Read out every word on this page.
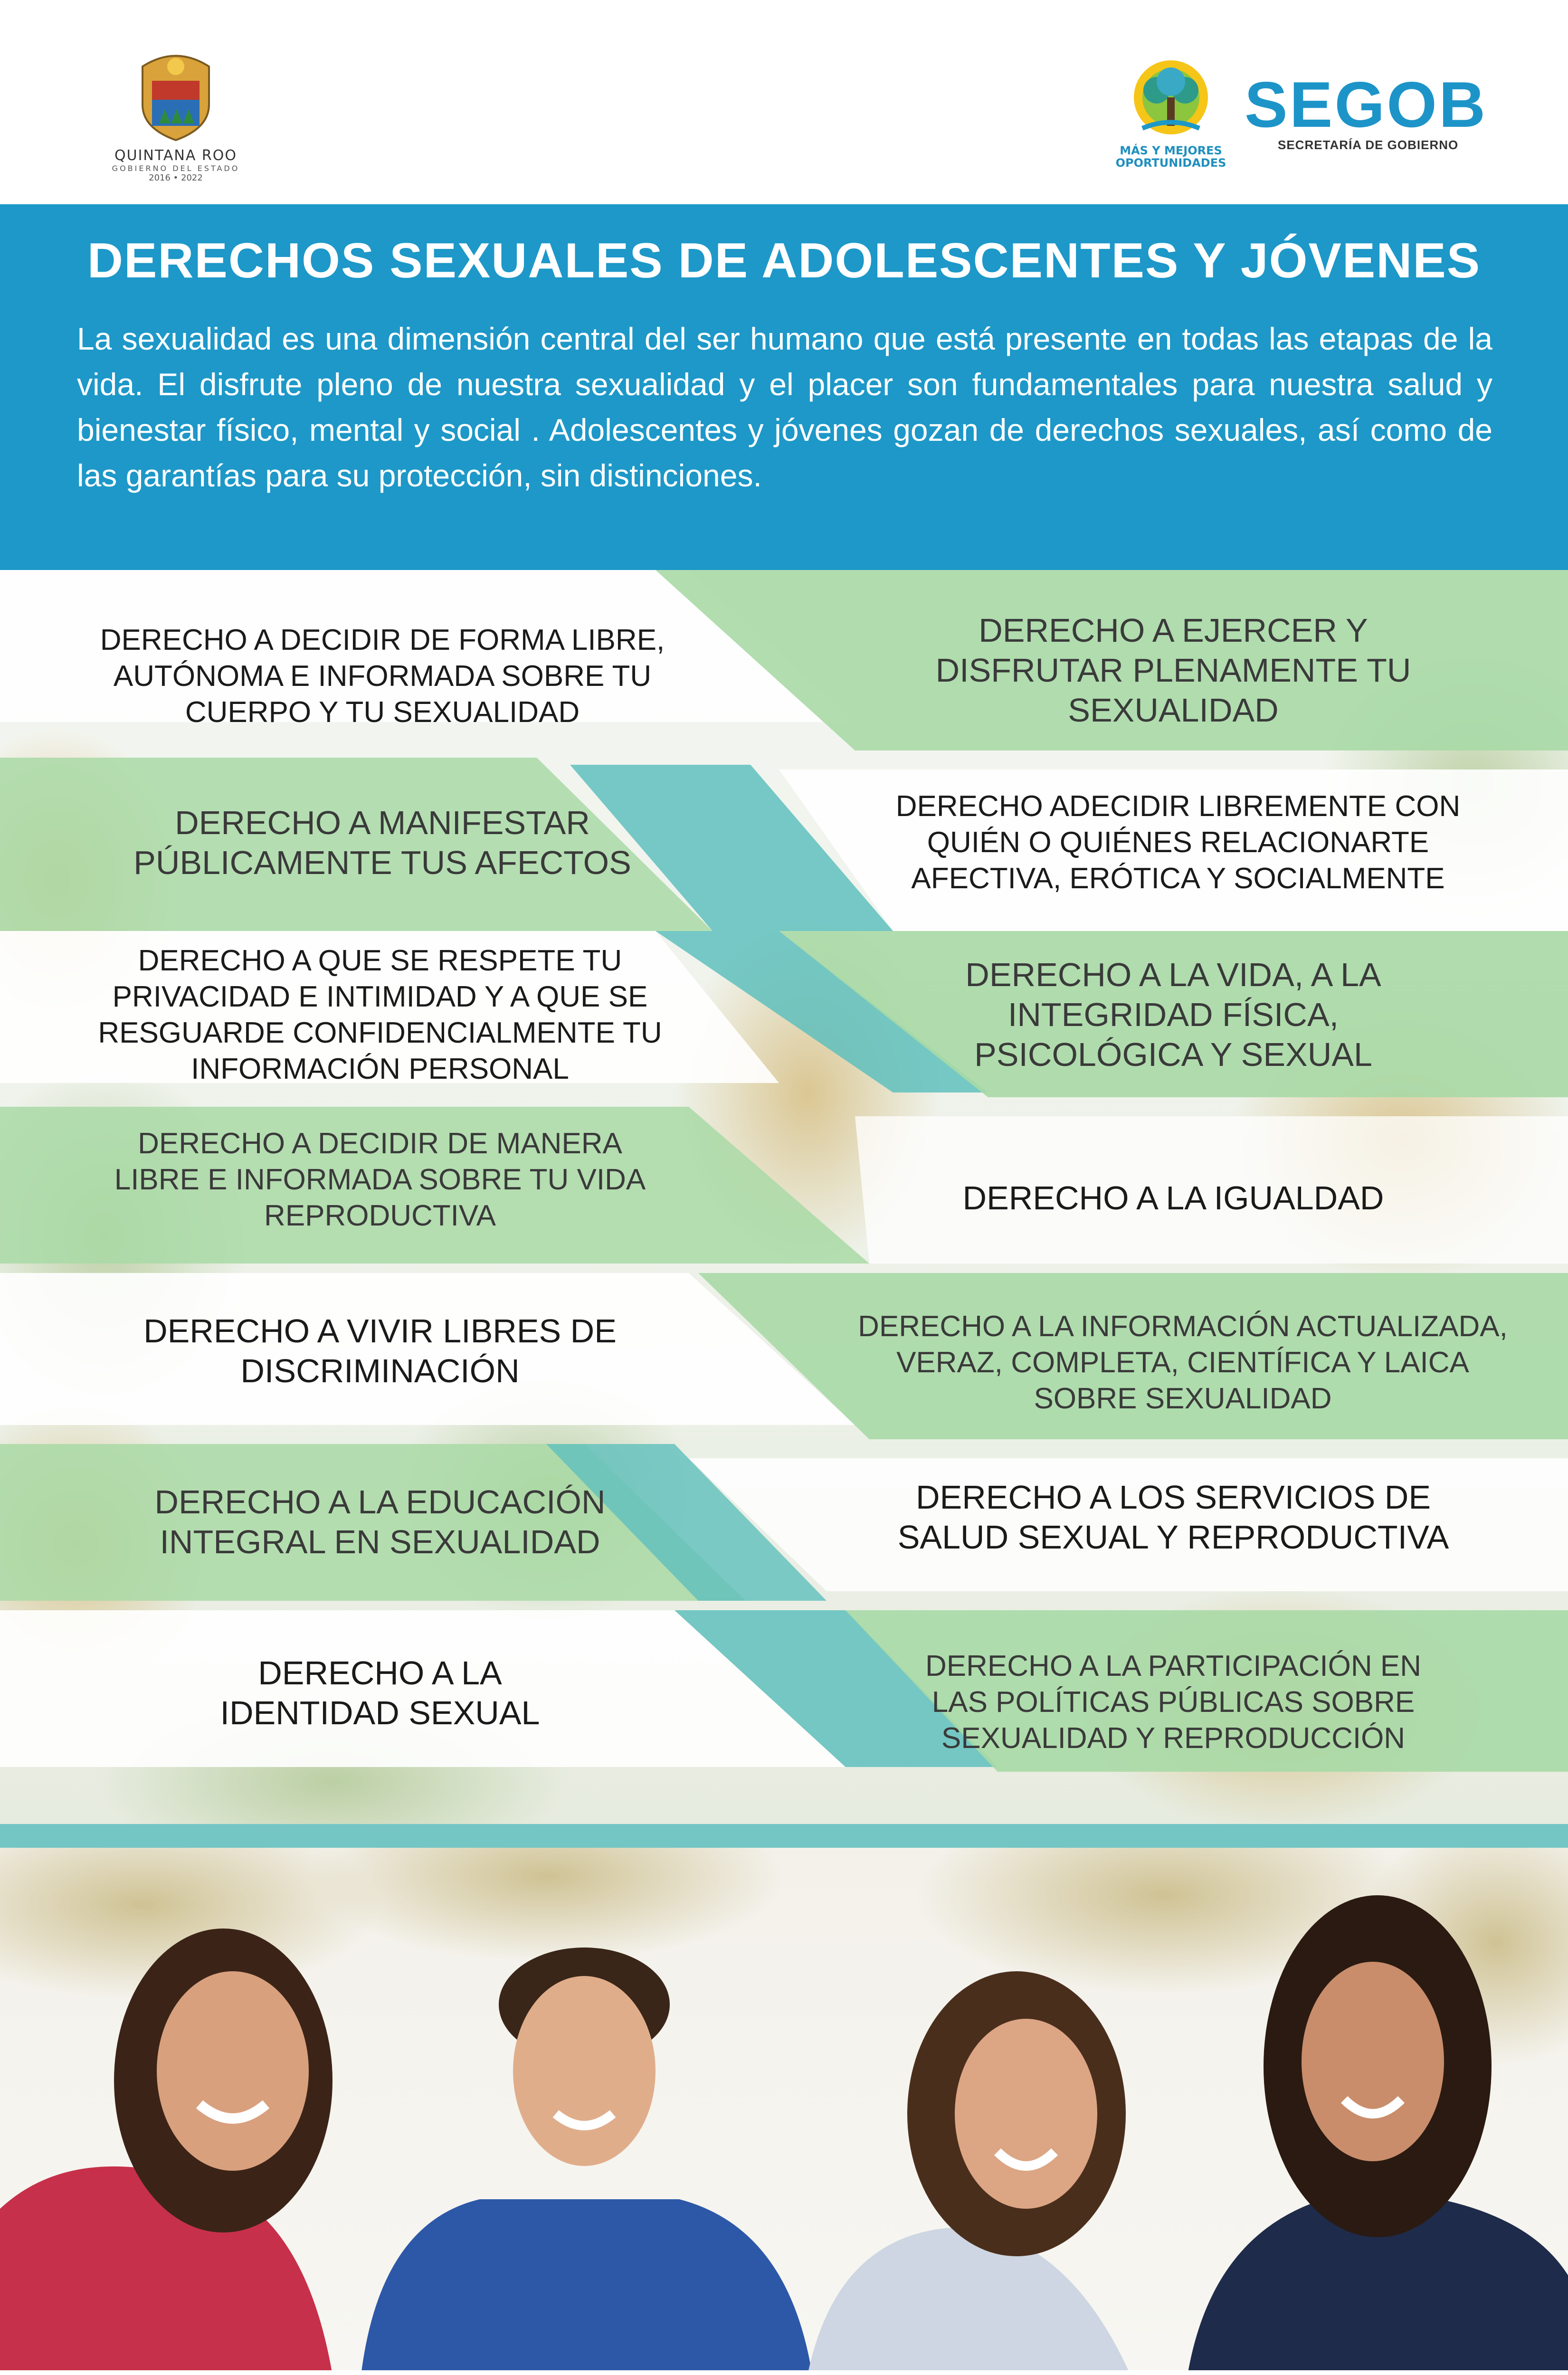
QUINTANA ROO
GOBIERNO DEL ESTADO
2016 • 2022
MÁS Y MEJORES
OPORTUNIDADES
SEGOB
SECRETARÍA DE GOBIERNO
DERECHOS SEXUALES DE ADOLESCENTES Y JÓVENES
La sexualidad es una dimensión central del ser humano que está presente en todas las etapas de la vida. El disfrute pleno de nuestra sexualidad y el placer son fundamentales para nuestra salud y bienestar físico, mental y social . Adolescentes y jóvenes gozan de derechos sexuales, así como de las garantías para su protección, sin distinciones.
DERECHO A DECIDIR DE FORMA LIBRE, AUTÓNOMA E INFORMADA SOBRE TU CUERPO Y TU SEXUALIDAD
DERECHO A MANIFESTAR PÚBLICAMENTE TUS AFECTOS
DERECHO A QUE SE RESPETE TU PRIVACIDAD E INTIMIDAD Y A QUE SE RESGUARDE CONFIDENCIALMENTE TU INFORMACIÓN PERSONAL
DERECHO A DECIDIR DE MANERA LIBRE E INFORMADA SOBRE TU VIDA REPRODUCTIVA
DERECHO A VIVIR LIBRES DE DISCRIMINACIÓN
DERECHO A LA EDUCACIÓN INTEGRAL EN SEXUALIDAD
DERECHO A LA IDENTIDAD SEXUAL
DERECHO A EJERCER Y DISFRUTAR PLENAMENTE TU SEXUALIDAD
DERECHO ADECIDIR LIBREMENTE CON QUIÉN O QUIÉNES RELACIONARTE AFECTIVA, ERÓTICA Y SOCIALMENTE
DERECHO A LA VIDA, A LA INTEGRIDAD FÍSICA, PSICOLÓGICA Y SEXUAL
DERECHO A LA IGUALDAD
DERECHO A LA INFORMACIÓN ACTUALIZADA, VERAZ, COMPLETA, CIENTÍFICA Y LAICA SOBRE SEXUALIDAD
DERECHO A LOS SERVICIOS DE SALUD SEXUAL Y REPRODUCTIVA
DERECHO A LA PARTICIPACIÓN EN LAS POLÍTICAS PÚBLICAS SOBRE SEXUALIDAD Y REPRODUCCIÓN
